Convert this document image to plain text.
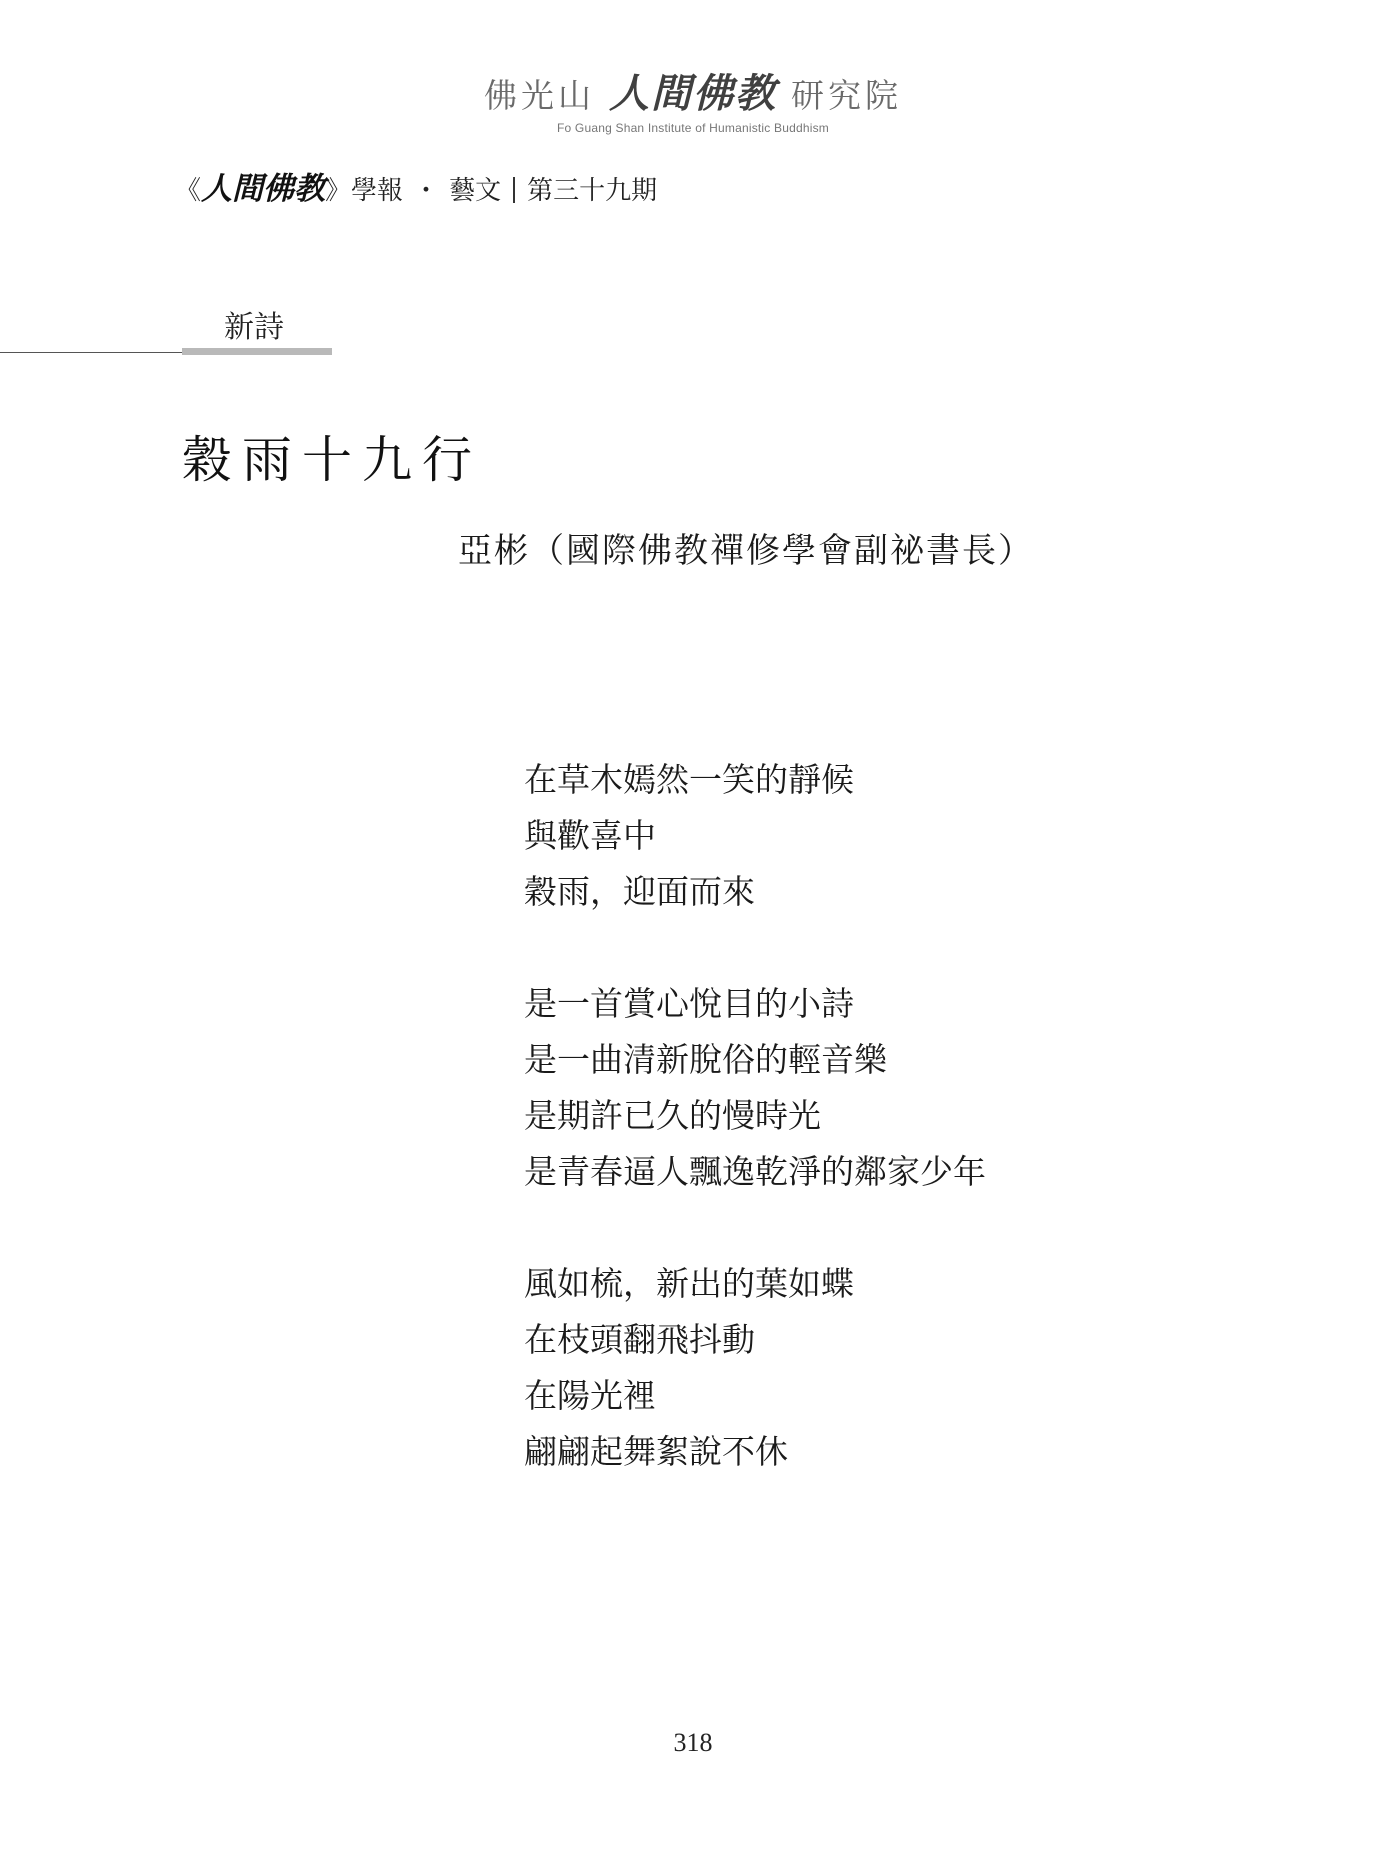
佛光山 人間佛教 研究院
Fo Guang Shan Institute of Humanistic Buddhism
《 人間佛教 》 學報 ・ 藝文 第三十九期
新詩
穀雨十九行
亞彬（國際佛教禪修學會副祕書長）
在草木嫣然一笑的靜候
與歡喜中
穀雨，迎面而來
是一首賞心悅目的小詩
是一曲清新脫俗的輕音樂
是期許已久的慢時光
是青春逼人飄逸乾淨的鄰家少年
風如梳，新出的葉如蝶
在枝頭翻飛抖動
在陽光裡
翩翩起舞絮說不休
318
